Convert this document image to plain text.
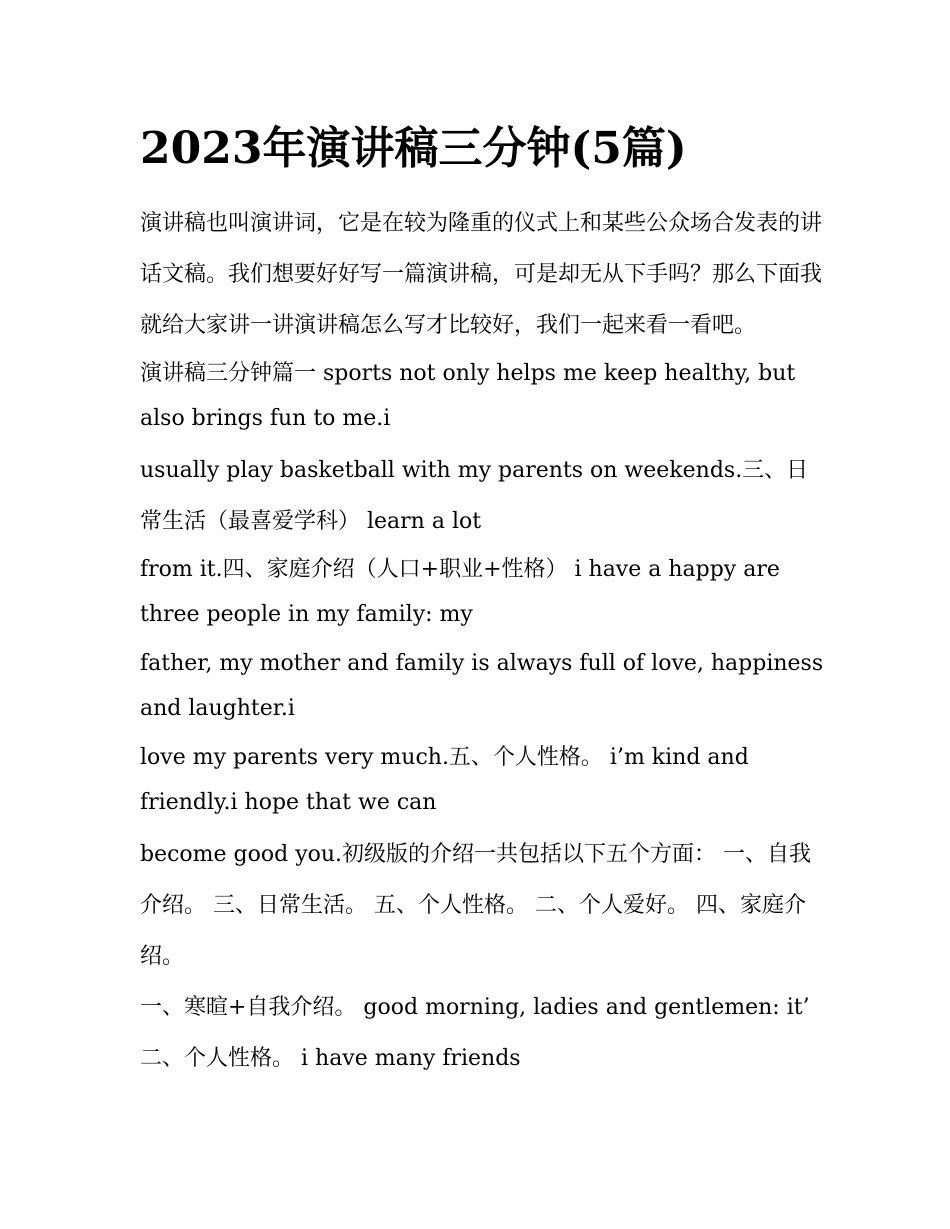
2023年演讲稿三分钟(5篇)

演讲稿也叫演讲词，它是在较为隆重的仪式上和某些公众场合发表的讲话文稿。我们想要好好写一篇演讲稿，可是却无从下手吗？那么下面我就给大家讲一讲演讲稿怎么写才比较好，我们一起来看一看吧。

演讲稿三分钟篇一 sports not only helps me keep healthy, but also brings fun to me.i

usually play basketball with my parents on weekends.三、日常生活（最喜爱学科） learn a lot

from it.四、家庭介绍（人口+职业+性格） i have a happy are three people in my family: my

father, my mother and family is always full of love, happiness and laughter.i

love my parents very much.五、个人性格。 i’m kind and friendly.i hope that we can

become good you.初级版的介绍一共包括以下五个方面： 一、自我介绍。 三、日常生活。 五、个人性格。 二、个人爱好。 四、家庭介绍。

一、寒暄+自我介绍。 good morning, ladies and gentlemen: it’

二、个人性格。 i have many friends
